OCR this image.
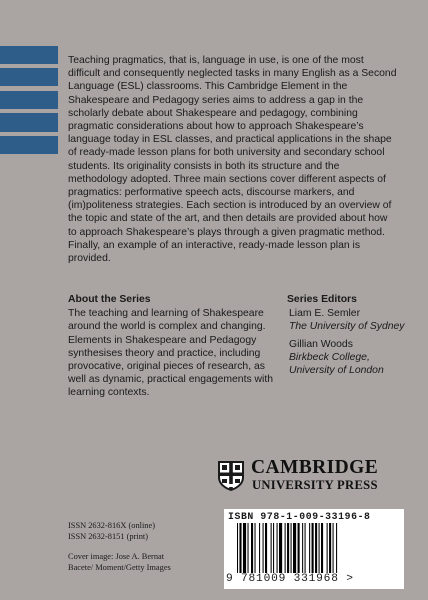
Teaching pragmatics, that is, language in use, is one of the most difficult and consequently neglected tasks in many English as a Second Language (ESL) classrooms. This Cambridge Element in the Shakespeare and Pedagogy series aims to address a gap in the scholarly debate about Shakespeare and pedagogy, combining pragmatic considerations about how to approach Shakespeare’s language today in ESL classes, and practical applications in the shape of ready-made lesson plans for both university and secondary school students. Its originality consists in both its structure and the methodology adopted. Three main sections cover different aspects of pragmatics: performative speech acts, discourse markers, and (im)politeness strategies. Each section is introduced by an overview of the topic and state of the art, and then details are provided about how to approach Shakespeare’s plays through a given pragmatic method. Finally, an example of an interactive, ready-made lesson plan is provided.

About the Series

The teaching and learning of Shakespeare around the world is complex and changing. Elements in Shakespeare and Pedagogy synthesises theory and practice, including provocative, original pieces of research, as well as dynamic, practical engagements with learning contexts.

Series Editors

Liam E. Semler

The University of Sydney

Gillian Woods

Birkbeck College, University of London

CAMBRIDGE
UNIVERSITY PRESS
ISSN 2632-816X (online)
ISSN 2632-8151 (print)
Cover image: Jose A. Bernat Bacete/ Moment/Getty Images
ISBN 978-1-009-33196-8
9 781009 331968 >
